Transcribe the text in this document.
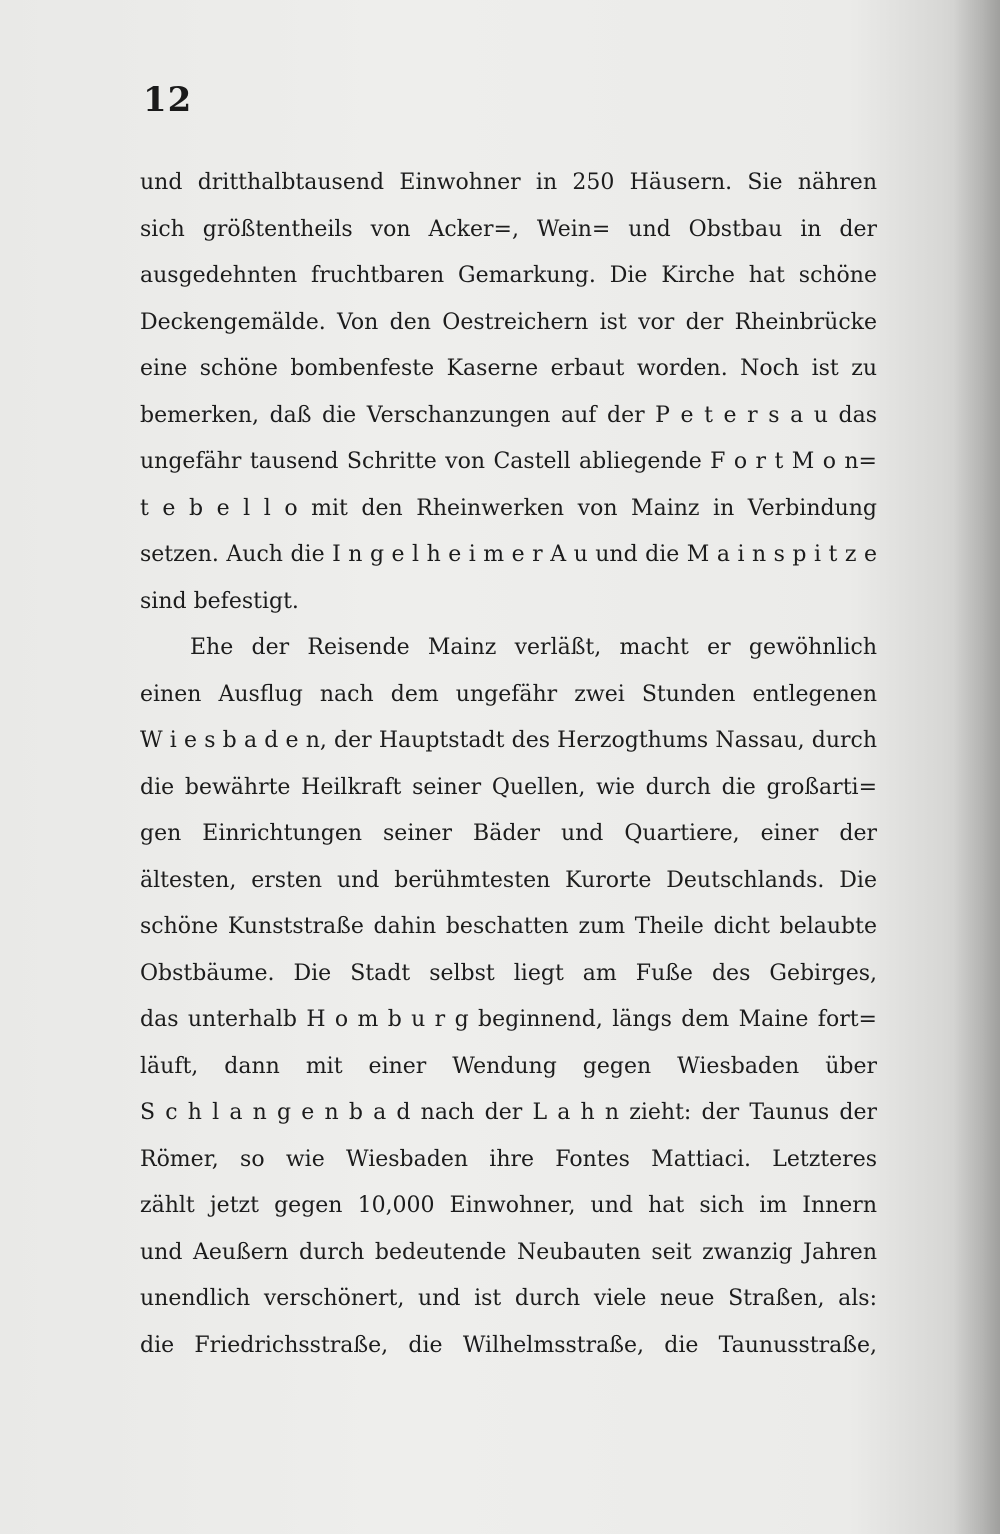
12
und dritthalbtausend Einwohner in 250 Häusern. Sie nähren
sich größtentheils von Acker=, Wein= und Obstbau in der
ausgedehnten fruchtbaren Gemarkung. Die Kirche hat schöne
Deckengemälde. Von den Oestreichern ist vor der Rheinbrücke
eine schöne bombenfeste Kaserne erbaut worden. Noch ist zu
bemerken, daß die Verschanzungen auf der P e t e r s a u das
ungefähr tausend Schritte von Castell abliegende F o r t M o n=
t e b e l l o mit den Rheinwerken von Mainz in Verbindung
setzen. Auch die I n g e l h e i m e r A u und die M a i n s p i t z e
sind befestigt.
Ehe der Reisende Mainz verläßt, macht er gewöhnlich
einen Ausflug nach dem ungefähr zwei Stunden entlegenen
W i e s b a d e n, der Hauptstadt des Herzogthums Nassau, durch
die bewährte Heilkraft seiner Quellen, wie durch die großarti=
gen Einrichtungen seiner Bäder und Quartiere, einer der
ältesten, ersten und berühmtesten Kurorte Deutschlands. Die
schöne Kunststraße dahin beschatten zum Theile dicht belaubte
Obstbäume. Die Stadt selbst liegt am Fuße des Gebirges,
das unterhalb H o m b u r g beginnend, längs dem Maine fort=
läuft, dann mit einer Wendung gegen Wiesbaden über
S c h l a n g e n b a d nach der L a h n zieht: der Taunus der
Römer, so wie Wiesbaden ihre Fontes Mattiaci. Letzteres
zählt jetzt gegen 10,000 Einwohner, und hat sich im Innern
und Aeußern durch bedeutende Neubauten seit zwanzig Jahren
unendlich verschönert, und ist durch viele neue Straßen, als:
die Friedrichsstraße, die Wilhelmsstraße, die Taunusstraße,
